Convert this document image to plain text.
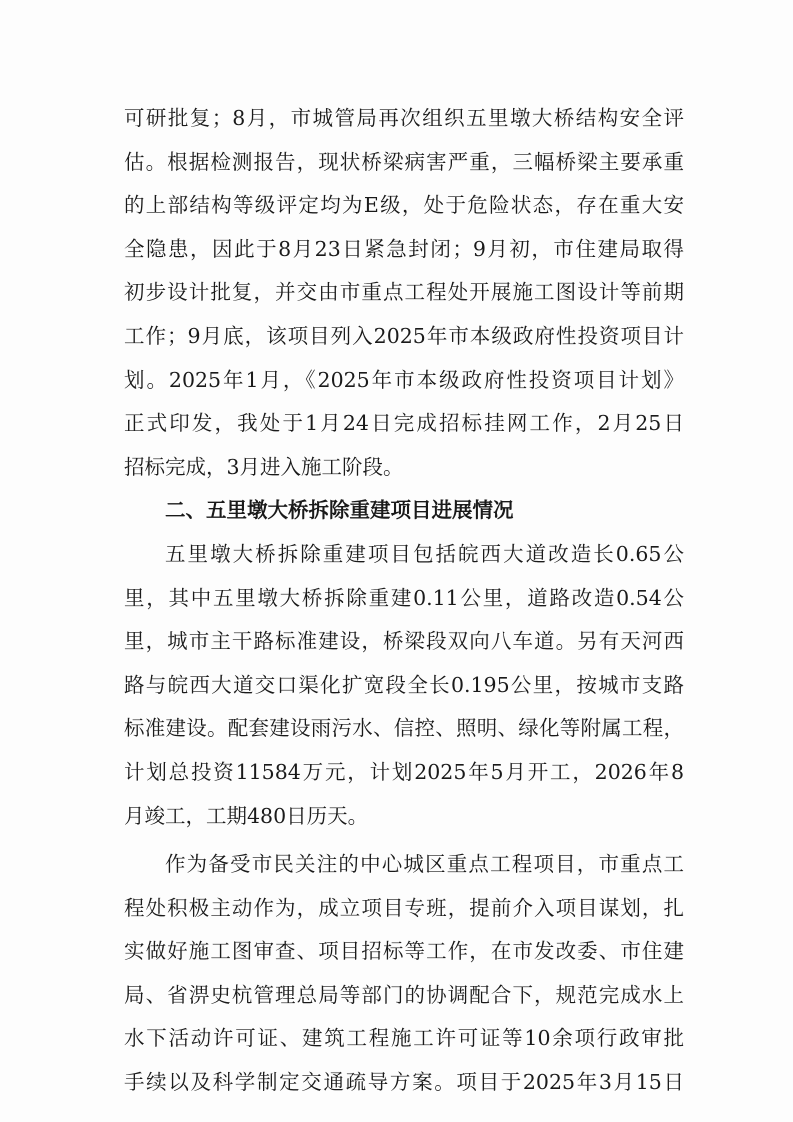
可研批复；8月，市城管局再次组织五里墩大桥结构安全评
估。根据检测报告，现状桥梁病害严重，三幅桥梁主要承重
的上部结构等级评定均为E级，处于危险状态，存在重大安
全隐患，因此于8月23日紧急封闭；9月初，市住建局取得
初步设计批复，并交由市重点工程处开展施工图设计等前期
工作；9月底，该项目列入2025年市本级政府性投资项目计
划。2025年1月，《2025年市本级政府性投资项目计划》
正式印发，我处于1月24日完成招标挂网工作，2月25日
招标完成，3月进入施工阶段。
二、五里墩大桥拆除重建项目进展情况
五里墩大桥拆除重建项目包括皖西大道改造长0.65公
里，其中五里墩大桥拆除重建0.11公里，道路改造0.54公
里，城市主干路标准建设，桥梁段双向八车道。另有天河西
路与皖西大道交口渠化扩宽段全长0.195公里，按城市支路
标准建设。配套建设雨污水、信控、照明、绿化等附属工程，
计划总投资11584万元，计划2025年5月开工，2026年8
月竣工，工期480日历天。
作为备受市民关注的中心城区重点工程项目，市重点工
程处积极主动作为，成立项目专班，提前介入项目谋划，扎
实做好施工图审查、项目招标等工作，在市发改委、市住建
局、省淠史杭管理总局等部门的协调配合下，规范完成水上
水下活动许可证、建筑工程施工许可证等10余项行政审批
手续以及科学制定交通疏导方案。项目于2025年3月15日
